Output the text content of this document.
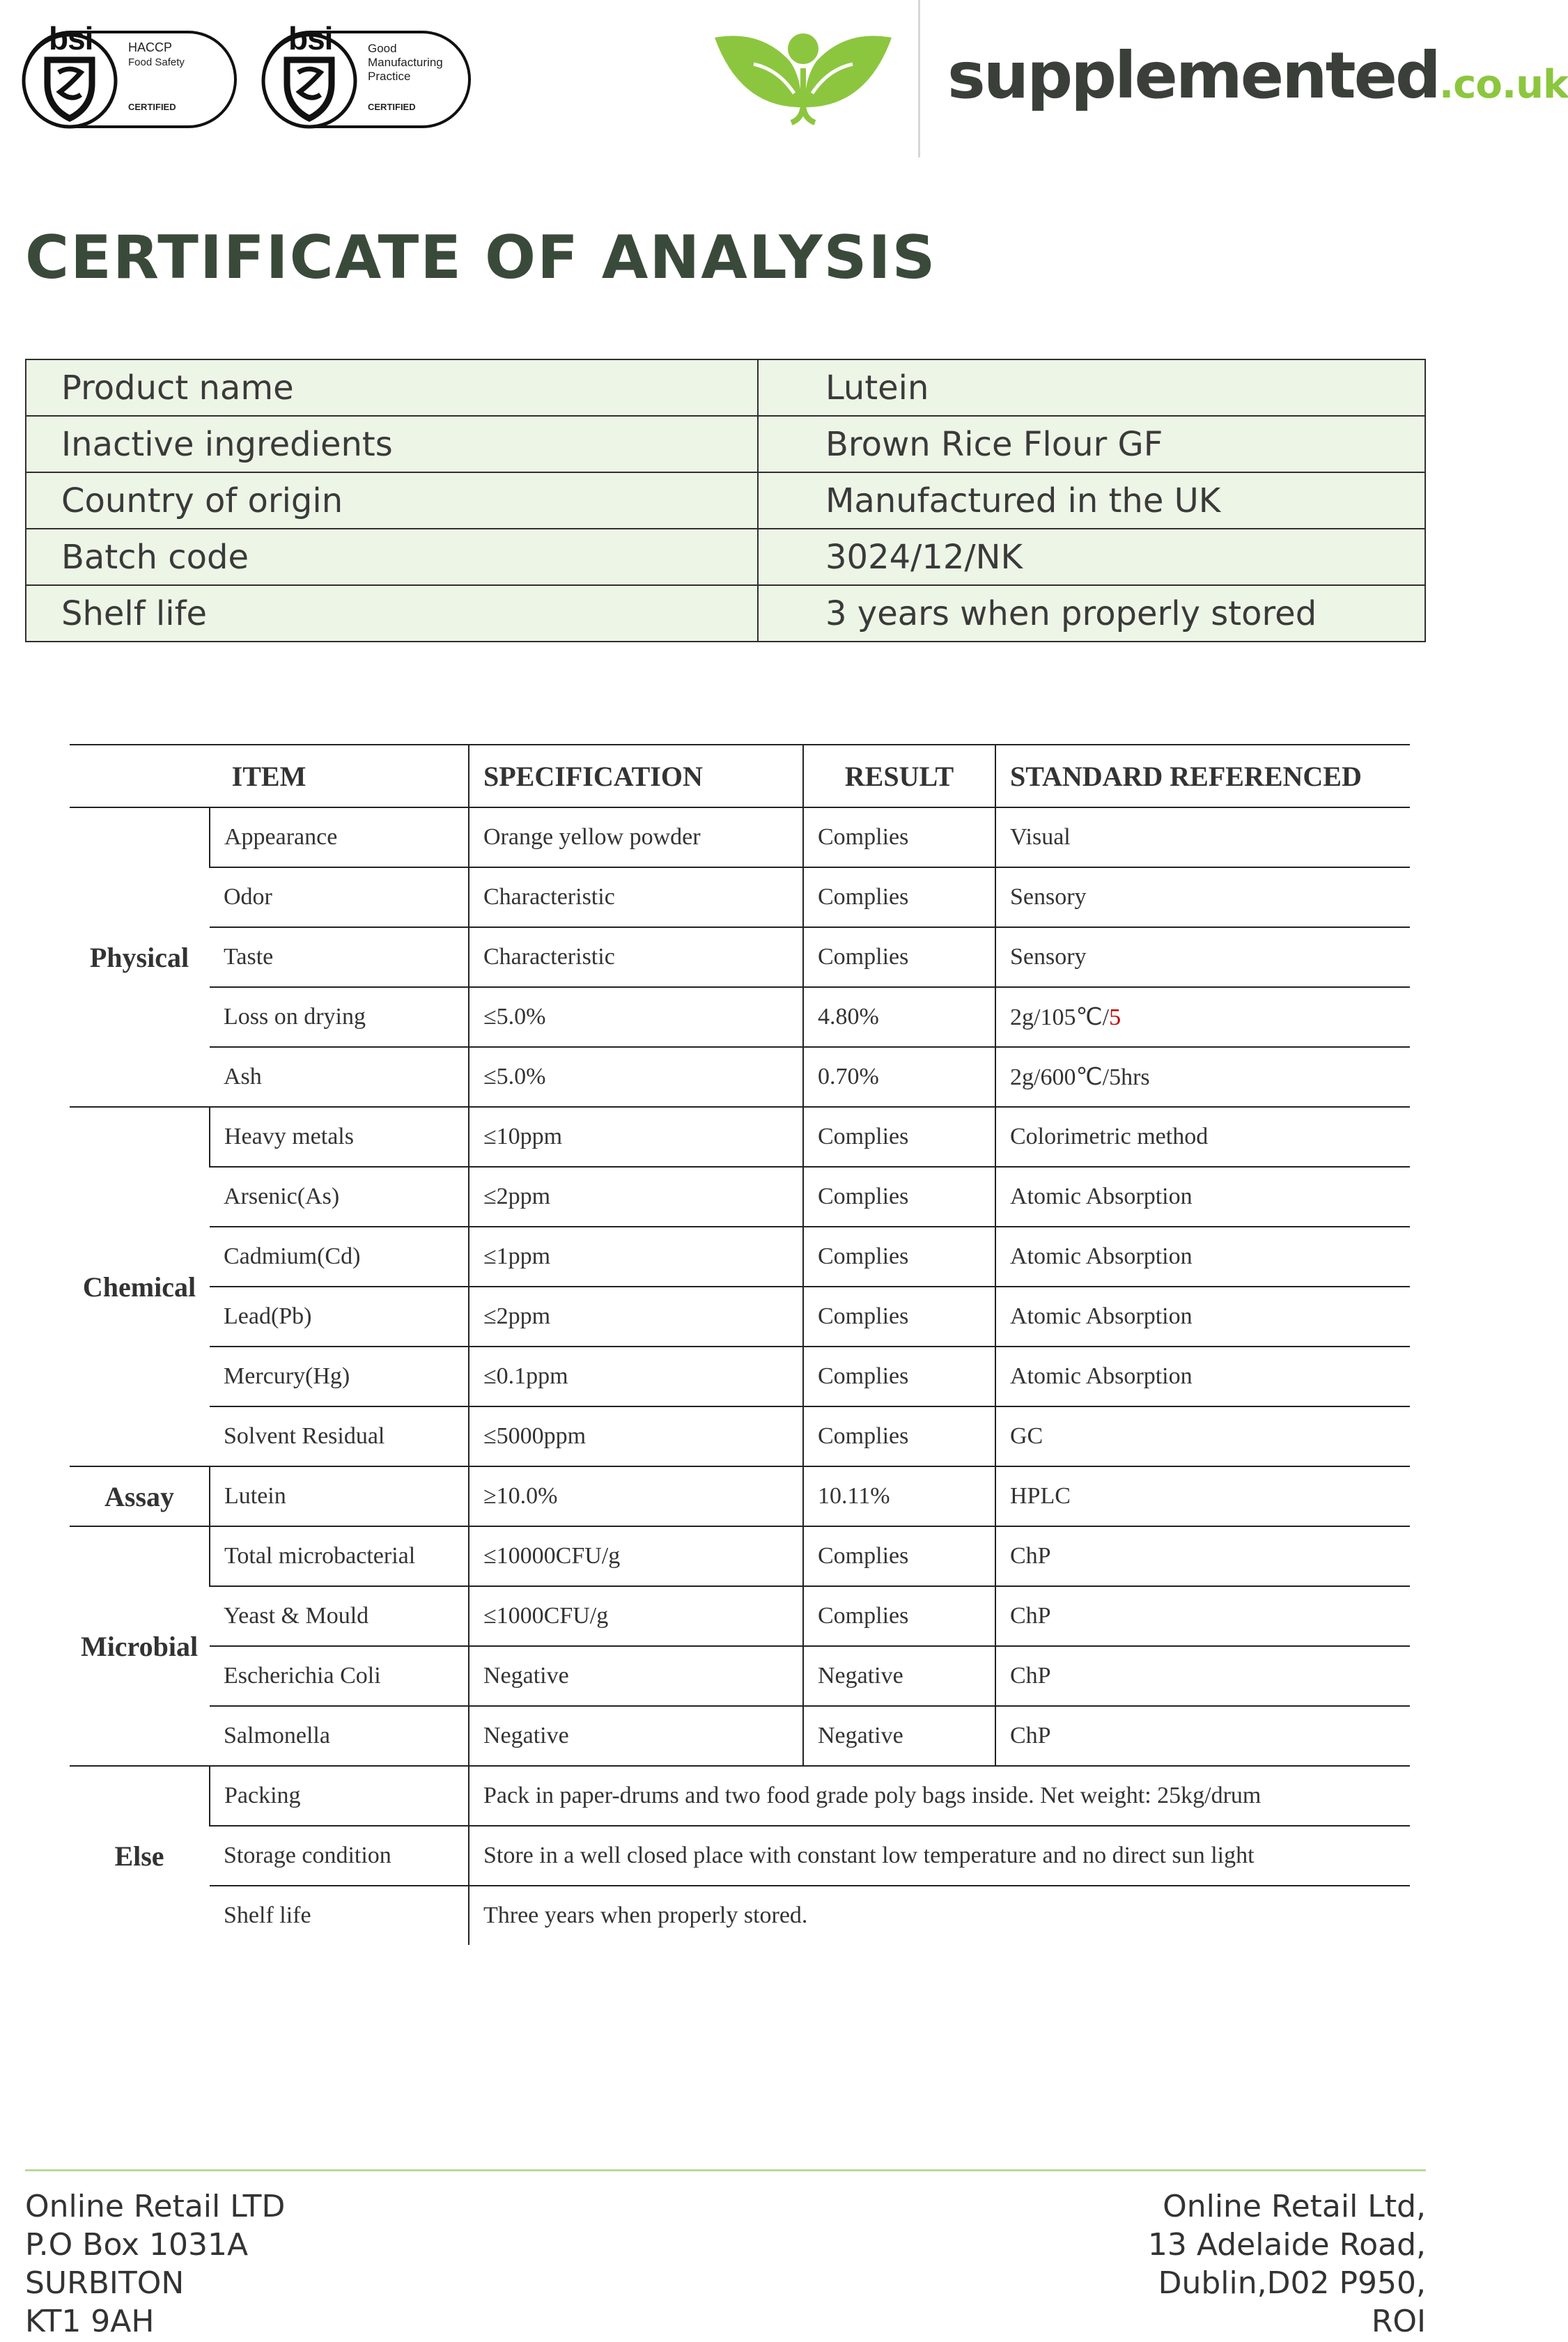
bsi	HACCP
Food Safety
CERTIFIED
bsi	Good
Manufacturing
Practice
CERTIFIED	supplemented.co.uk
CERTIFICATE OF ANALYSIS
Product name	Lutein
Inactive ingredients	Brown Rice Flour GF
Country of origin	Manufactured in the UK
Batch code	3024/12/NK
Shelf life	3 years when properly stored
ITEM		SPECIFICATION	RESULT	STANDARD REFERENCED
Physical	Appearance	Orange yellow powder	Complies	Visual
	Odor	Characteristic	Complies	Sensory
	Taste	Characteristic	Complies	Sensory
	Loss on drying	≤5.0%	4.80%	2g/105℃/5
	Ash	≤5.0%	0.70%	2g/600℃/5hrs
Chemical	Heavy metals	≤10ppm	Complies	Colorimetric method
	Arsenic(As)	≤2ppm	Complies	Atomic Absorption
	Cadmium(Cd)	≤1ppm	Complies	Atomic Absorption
	Lead(Pb)	≤2ppm	Complies	Atomic Absorption
	Mercury(Hg)	≤0.1ppm	Complies	Atomic Absorption
	Solvent Residual	≤5000ppm	Complies	GC
Assay	Lutein	≥10.0%	10.11%	HPLC
Microbial	Total microbacterial	≤10000CFU/g	Complies	ChP
	Yeast & Mould	≤1000CFU/g	Complies	ChP
	Escherichia Coli	Negative	Negative	ChP
	Salmonella	Negative	Negative	ChP
Else	Packing	Pack in paper-drums and two food grade poly bags inside. Net weight: 25kg/drum		
	Storage condition	Store in a well closed place with constant low temperature and no direct sun light		
	Shelf life	Three years when properly stored.		
Online Retail LTD
P.O Box 1031A
SURBITON
KT1 9AH
Online Retail Ltd,
13 Adelaide Road,
Dublin,D02 P950,
ROI
